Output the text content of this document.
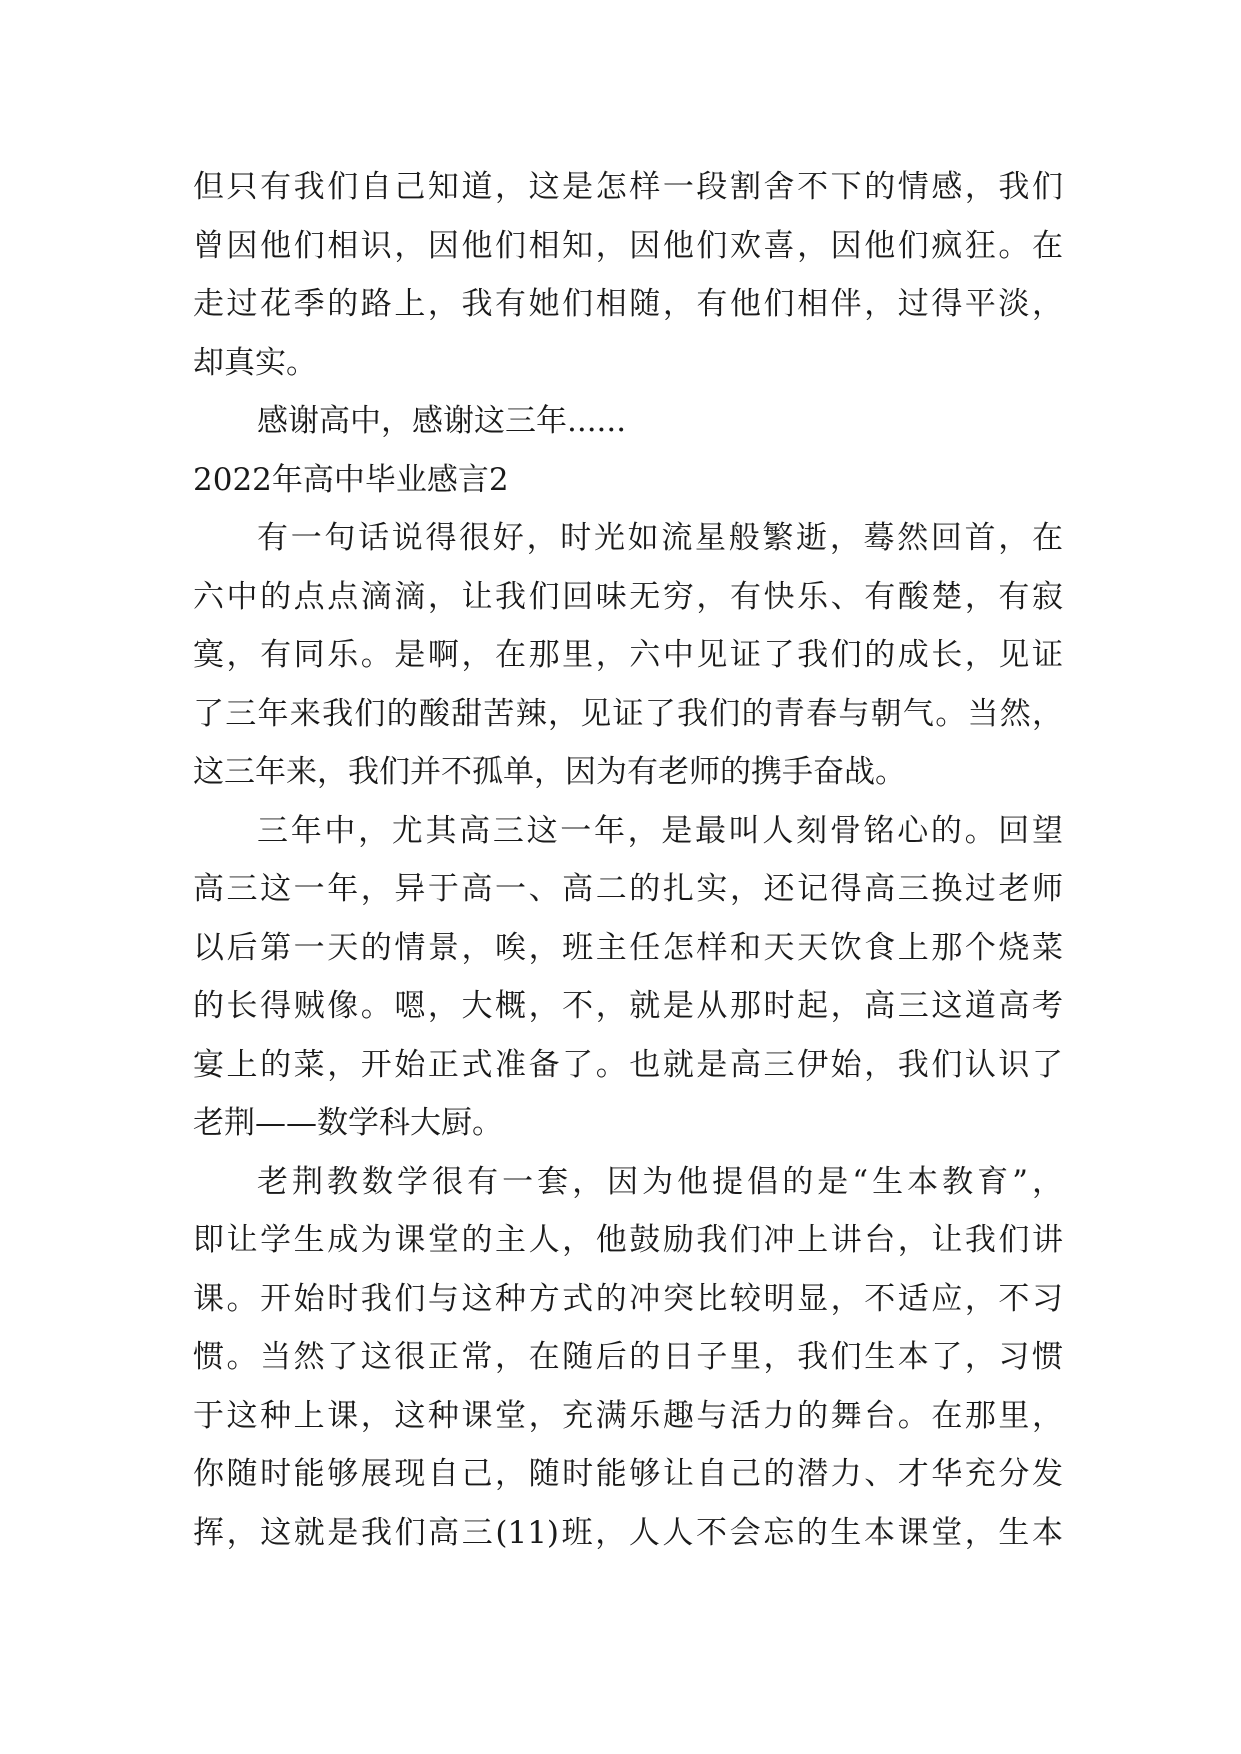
但只有我们自己知道，这是怎样一段割舍不下的情感，我们
曾因他们相识，因他们相知，因他们欢喜，因他们疯狂。在
走过花季的路上，我有她们相随，有他们相伴，过得平淡，
却真实。
感谢高中，感谢这三年......
2022年高中毕业感言2
有一句话说得很好，时光如流星般繁逝，蓦然回首，在
六中的点点滴滴，让我们回味无穷，有快乐、有酸楚，有寂
寞，有同乐。是啊，在那里，六中见证了我们的成长，见证
了三年来我们的酸甜苦辣，见证了我们的青春与朝气。当然，
这三年来，我们并不孤单，因为有老师的携手奋战。
三年中，尤其高三这一年，是最叫人刻骨铭心的。回望
高三这一年，异于高一、高二的扎实，还记得高三换过老师
以后第一天的情景，唉，班主任怎样和天天饮食上那个烧菜
的长得贼像。嗯，大概，不，就是从那时起，高三这道高考
宴上的菜，开始正式准备了。也就是高三伊始，我们认识了
老荆——数学科大厨。
老荆教数学很有一套，因为他提倡的是“生本教育”，
即让学生成为课堂的主人，他鼓励我们冲上讲台，让我们讲
课。开始时我们与这种方式的冲突比较明显，不适应，不习
惯。当然了这很正常，在随后的日子里，我们生本了，习惯
于这种上课，这种课堂，充满乐趣与活力的舞台。在那里，
你随时能够展现自己，随时能够让自己的潜力、才华充分发
挥，这就是我们高三(11)班，人人不会忘的生本课堂，生本
